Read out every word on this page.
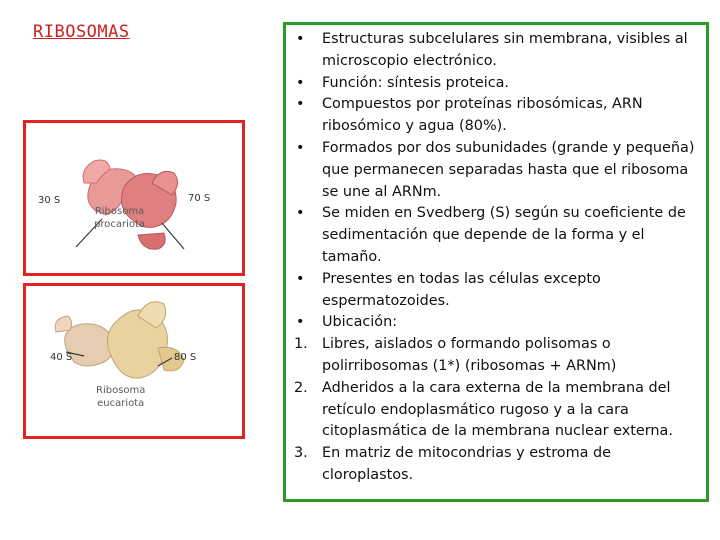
RIBOSOMAS
30 S	70 S
Ribosoma
procariota
40 S	80 S
Ribosoma
eucariota
• Estructuras subcelulares sin membrana, visibles al microscopio electrónico.
• Función: síntesis proteica.
• Compuestos por proteínas ribosómicas, ARN ribosómico y agua (80%).
• Formados por dos subunidades (grande y pequeña) que permanecen separadas hasta que el ribosoma se une al ARNm.
• Se miden en Svedberg (S) según su coeficiente de sedimentación que depende de la forma y el tamaño.
• Presentes en todas las células excepto espermatozoides.
• Ubicación:
1. Libres, aislados o formando polisomas o polirribosomas (1*) (ribosomas + ARNm)
2. Adheridos a la cara externa de la membrana del retículo endoplasmático rugoso y a la cara citoplasmática de la membrana nuclear externa.
3. En matriz de mitocondrias y estroma de cloroplastos.
